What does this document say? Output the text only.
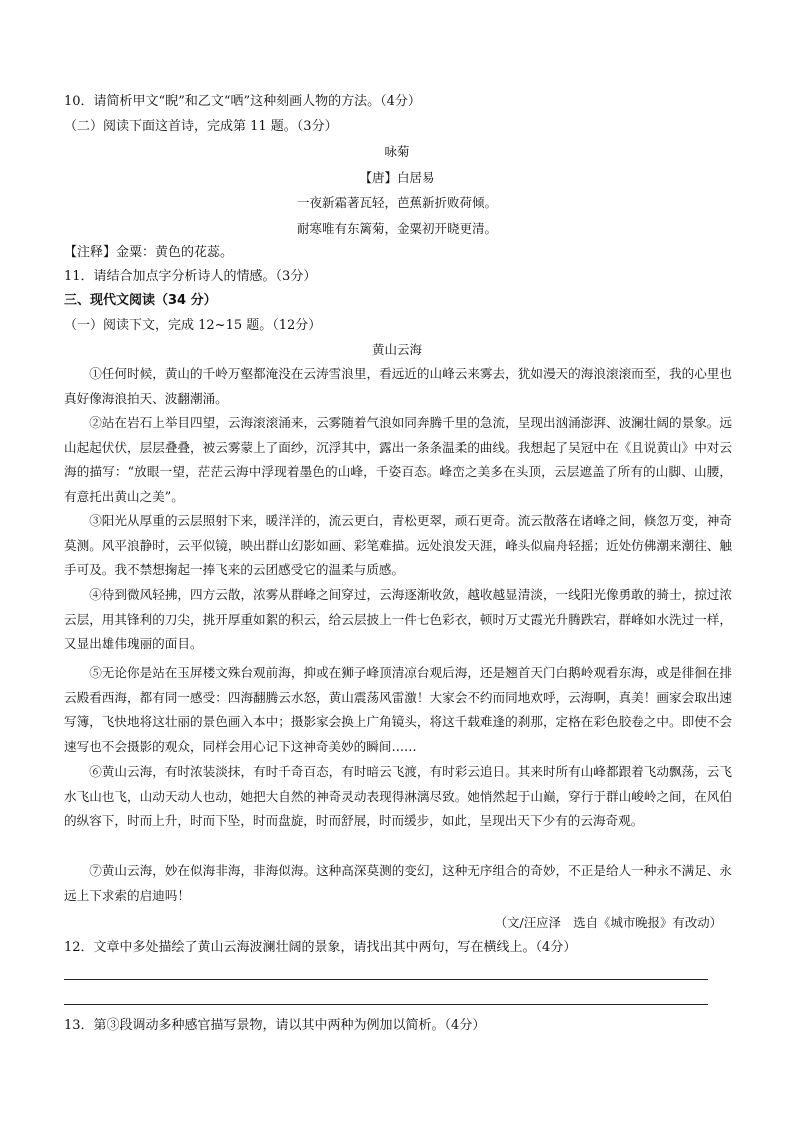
10．请简析甲文“睨”和乙文“哂”这种刻画人物的方法。（4分）
（二）阅读下面这首诗，完成第 11 题。（3分）
咏菊
【唐】白居易
一夜新霜著瓦轻，芭蕉新折败荷倾。
耐寒唯有东篱菊，金粟初开晓更清。
【注释】金粟：黄色的花蕊。
11．请结合加点字分析诗人的情感。（3分）
三、现代文阅读（34 分）
（一）阅读下文，完成 12~15 题。（12分）
黄山云海
①任何时候，黄山的千岭万壑都淹没在云涛雪浪里，看远近的山峰云来雾去，犹如漫天的海浪滚滚而至，我的心里也真好像海浪拍天、波翻潮涌。
②站在岩石上举目四望，云海滚滚涌来，云雾随着气浪如同奔腾千里的急流，呈现出汹涌澎湃、波澜壮阔的景象。远山起起伏伏，层层叠叠，被云雾蒙上了面纱，沉浮其中，露出一条条温柔的曲线。我想起了吴冠中在《且说黄山》中对云海的描写：“放眼一望，茫茫云海中浮现着墨色的山峰，千姿百态。峰峦之美多在头顶，云层遮盖了所有的山脚、山腰，有意托出黄山之美”。
③阳光从厚重的云层照射下来，暖洋洋的，流云更白，青松更翠，顽石更奇。流云散落在诸峰之间，倏忽万变，神奇莫测。风平浪静时，云平似镜，映出群山幻影如画、彩笔难描。远处浪发天涯，峰头似扁舟轻摇；近处仿佛潮来潮往、触手可及。我不禁想掬起一捧飞来的云团感受它的温柔与质感。
④待到微风轻拂，四方云散，浓雾从群峰之间穿过，云海逐渐收敛，越收越显清淡，一线阳光像勇敢的骑士，掠过浓云层，用其锋利的刀尖，挑开厚重如絮的积云，给云层披上一件七色彩衣，顿时万丈霞光升腾跌宕，群峰如水洗过一样，又显出雄伟瑰丽的面目。
⑤无论你是站在玉屏楼文殊台观前海，抑或在狮子峰顶清凉台观后海，还是翘首天门白鹅岭观看东海，或是徘徊在排云殿看西海，都有同一感受：四海翻腾云水怒，黄山震荡风雷激！大家会不约而同地欢呼，云海啊，真美！画家会取出速写簿，飞快地将这壮丽的景色画入本中；摄影家会换上广角镜头，将这千载难逢的刹那，定格在彩色胶卷之中。即使不会速写也不会摄影的观众，同样会用心记下这神奇美妙的瞬间……
⑥黄山云海，有时浓装淡抹，有时千奇百态，有时暗云飞渡，有时彩云追日。其来时所有山峰都跟着飞动飘荡，云飞水飞山也飞，山动天动人也动，她把大自然的神奇灵动表现得淋漓尽致。她悄然起于山巅，穿行于群山峻岭之间，在风伯的纵容下，时而上升，时而下坠，时而盘旋，时而舒展，时而缓步，如此，呈现出天下少有的云海奇观。
⑦黄山云海，妙在似海非海，非海似海。这种高深莫测的变幻，这种无序组合的奇妙，不正是给人一种永不满足、永远上下求索的启迪吗！
（文/汪应泽　选自《城市晚报》有改动）
12．文章中多处描绘了黄山云海波澜壮阔的景象，请找出其中两句，写在横线上。（4分）
13．第③段调动多种感官描写景物，请以其中两种为例加以简析。（4分）
